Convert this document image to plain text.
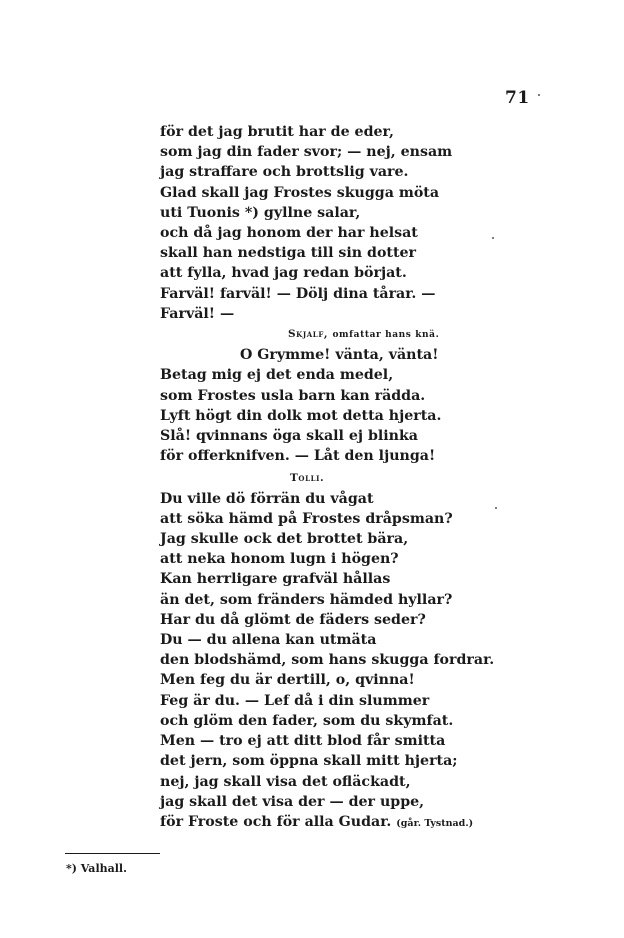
71
för det jag brutit har de eder,
som jag din fader svor; — nej, ensam
jag straffare och brottslig vare.
Glad skall jag Frostes skugga möta
uti Tuonis *) gyllne salar,
och då jag honom der har helsat
skall han nedstiga till sin dotter
att fylla, hvad jag redan börjat.
Farväl! farväl! — Dölj dina tårar. —
Farväl! —
Skjalf, omfattar hans knä.
O Grymme! vänta, vänta!
Betag mig ej det enda medel,
som Frostes usla barn kan rädda.
Lyft högt din dolk mot detta hjerta.
Slå! qvinnans öga skall ej blinka
för offerknifven. — Låt den ljunga!
Tolli.
Du ville dö förrän du vågat
att söka hämd på Frostes dråpsman?
Jag skulle ock det brottet bära,
att neka honom lugn i högen?
Kan herrligare grafväl hållas
än det, som fränders hämded hyllar?
Har du då glömt de fäders seder?
Du — du allena kan utmäta
den blodshämd, som hans skugga fordrar.
Men feg du är dertill, o, qvinna!
Feg är du. — Lef då i din slummer
och glöm den fader, som du skymfat.
Men — tro ej att ditt blod får smitta
det jern, som öppna skall mitt hjerta;
nej, jag skall visa det ofläckadt,
jag skall det visa der — der uppe,
för Froste och för alla Gudar. (går. Tystnad.)
*) Valhall.
